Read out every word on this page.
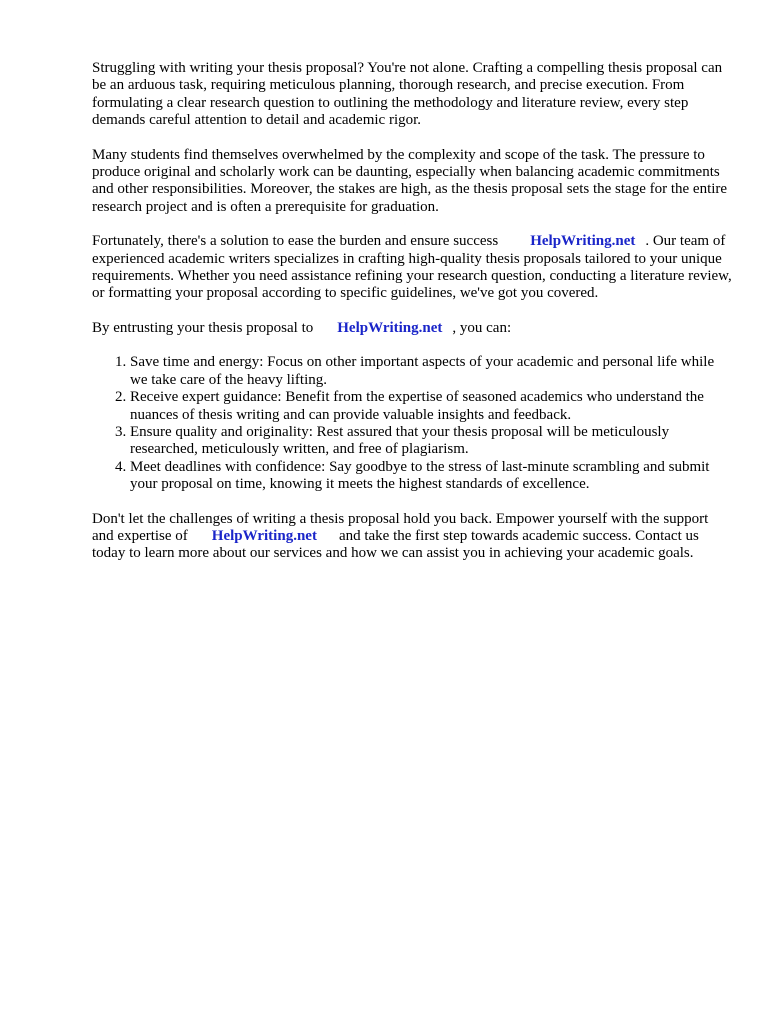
Struggling with writing your thesis proposal? You're not alone. Crafting a compelling thesis proposal can be an arduous task, requiring meticulous planning, thorough research, and precise execution. From formulating a clear research question to outlining the methodology and literature review, every step demands careful attention to detail and academic rigor.

Many students find themselves overwhelmed by the complexity and scope of the task. The pressure to produce original and scholarly work can be daunting, especially when balancing academic commitments and other responsibilities. Moreover, the stakes are high, as the thesis proposal sets the stage for the entire research project and is often a prerequisite for graduation.

Fortunately, there's a solution to ease the burden and ensure success HelpWriting.net . Our team of experienced academic writers specializes in crafting high-quality thesis proposals tailored to your unique requirements. Whether you need assistance refining your research question, conducting a literature review, or formatting your proposal according to specific guidelines, we've got you covered.

By entrusting your thesis proposal to HelpWriting.net , you can:

1. Save time and energy: Focus on other important aspects of your academic and personal life while we take care of the heavy lifting.
2. Receive expert guidance: Benefit from the expertise of seasoned academics who understand the nuances of thesis writing and can provide valuable insights and feedback.
3. Ensure quality and originality: Rest assured that your thesis proposal will be meticulously researched, meticulously written, and free of plagiarism.
4. Meet deadlines with confidence: Say goodbye to the stress of last-minute scrambling and submit your proposal on time, knowing it meets the highest standards of excellence.

Don't let the challenges of writing a thesis proposal hold you back. Empower yourself with the support and expertise of HelpWriting.net and take the first step towards academic success. Contact us today to learn more about our services and how we can assist you in achieving your academic goals.
